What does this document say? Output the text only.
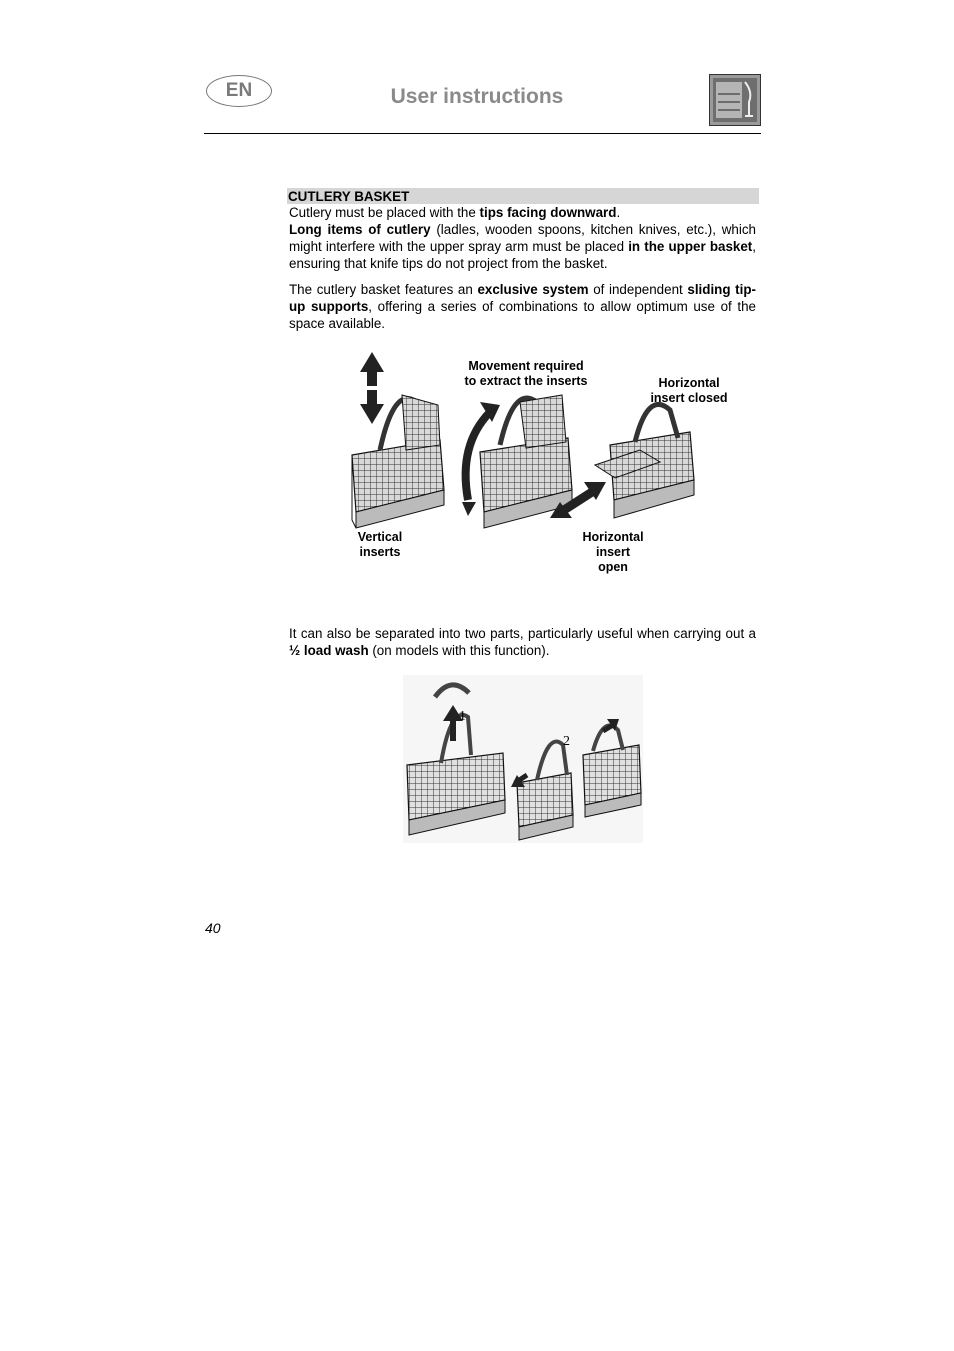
EN	User instructions
CUTLERY BASKET

Cutlery must be placed with the tips facing downward.

Long items of cutlery (ladles, wooden spoons, kitchen knives, etc.), which might interfere with the upper spray arm must be placed in the upper basket, ensuring that knife tips do not project from the basket.

The cutlery basket features an exclusive system of independent sliding tip-up supports, offering a series of combinations to allow optimum use of the space available.

Movement required
to extract the inserts	Horizontal
insert closed
Vertical
inserts
Horizontal
insert
open

It can also be separated into two parts, particularly useful when carrying out a ½ load wash (on models with this function).

1
2
40
